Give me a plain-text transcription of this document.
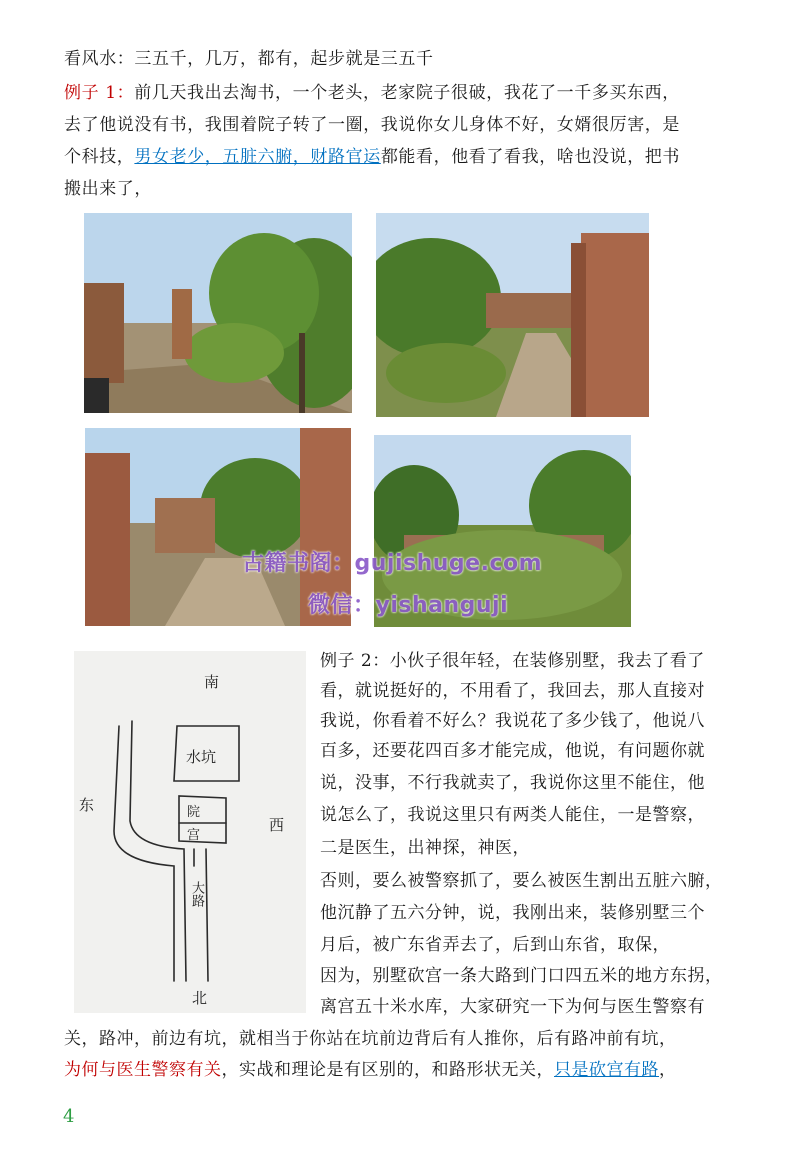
看风水：三五千，几万，都有，起步就是三五千
例子 1：前几天我出去淘书，一个老头，老家院子很破，我花了一千多买东西，
去了他说没有书，我围着院子转了一圈，我说你女儿身体不好，女婿很厉害，是
个科技，男女老少，五脏六腑，财路官运都能看，他看了看我，啥也没说，把书
搬出来了，
古籍书阁：gujishuge.com
微信：yishanguji
南
东
西
北
水坑
院
宫
大路
例子 2：小伙子很年轻，在装修别墅，我去了看了
看，就说挺好的，不用看了，我回去，那人直接对
我说，你看着不好么？我说花了多少钱了，他说八
百多，还要花四百多才能完成，他说，有问题你就
说，没事，不行我就卖了，我说你这里不能住，他
说怎么了，我说这里只有两类人能住，一是警察，
二是医生，出神探，神医，
否则，要么被警察抓了，要么被医生割出五脏六腑，
他沉静了五六分钟，说，我刚出来，装修别墅三个
月后，被广东省弄去了，后到山东省，取保，
因为，别墅砍宫一条大路到门口四五米的地方东拐，
离宫五十米水库，大家研究一下为何与医生警察有
关，路冲，前边有坑，就相当于你站在坑前边背后有人推你，后有路冲前有坑，
为何与医生警察有关，实战和理论是有区别的，和路形状无关，只是砍宫有路，
4
